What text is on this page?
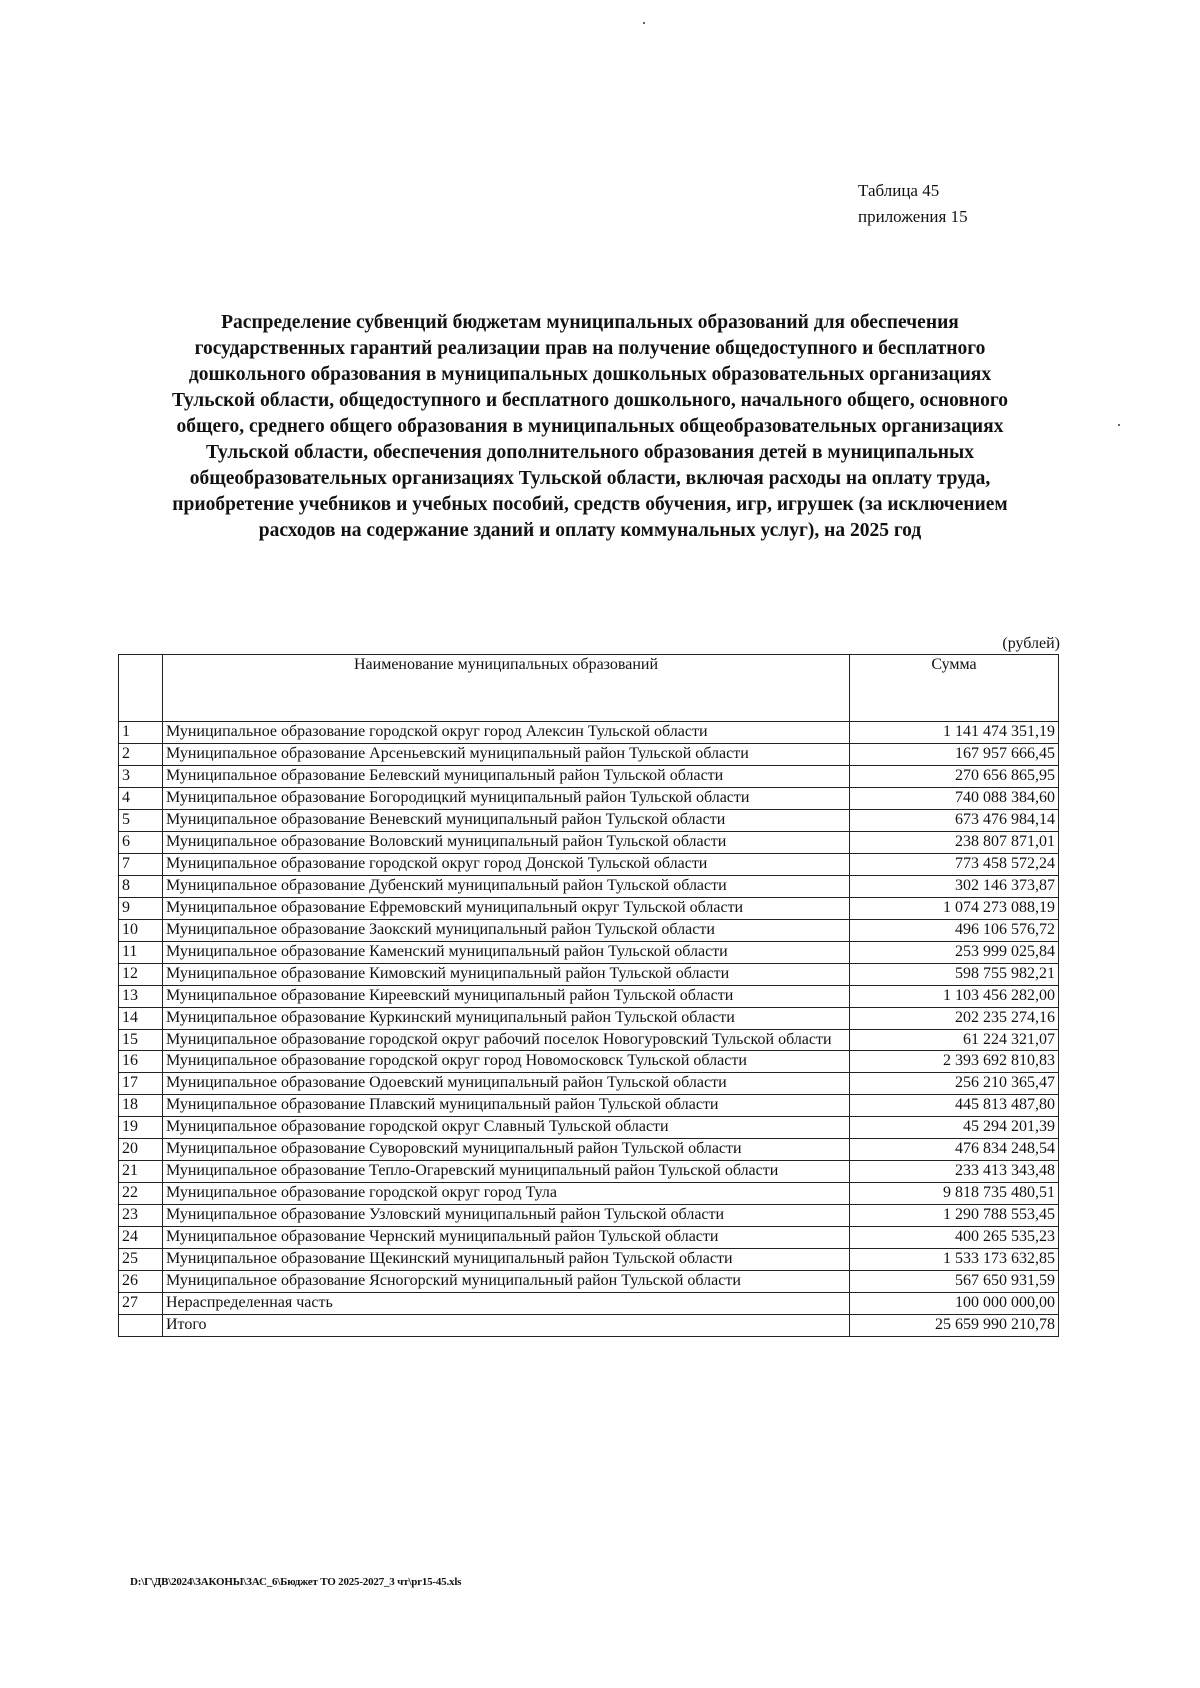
Таблица 45
приложения 15
Распределение субвенций бюджетам муниципальных образований для обеспечения
государственных гарантий реализации прав на получение общедоступного и бесплатного
дошкольного образования в муниципальных дошкольных образовательных организациях
Тульской области, общедоступного и бесплатного дошкольного, начального общего, основного
общего, среднего общего образования в муниципальных общеобразовательных организациях
Тульской области, обеспечения дополнительного образования детей в муниципальных
общеобразовательных организациях Тульской области, включая расходы на оплату труда,
приобретение учебников и учебных пособий, средств обучения, игр, игрушек (за исключением
расходов на содержание зданий и оплату коммунальных услуг), на 2025 год
(рублей)
	Наименование муниципальных образований	Сумма
1	Муниципальное образование городской округ город Алексин Тульской области	1 141 474 351,19
2	Муниципальное образование Арсеньевский муниципальный район Тульской области	167 957 666,45
3	Муниципальное образование Белевский муниципальный район Тульской области	270 656 865,95
4	Муниципальное образование Богородицкий муниципальный район Тульской области	740 088 384,60
5	Муниципальное образование Веневский муниципальный район Тульской области	673 476 984,14
6	Муниципальное образование Воловский муниципальный район Тульской области	238 807 871,01
7	Муниципальное образование городской округ город Донской Тульской области	773 458 572,24
8	Муниципальное образование Дубенский муниципальный район Тульской области	302 146 373,87
9	Муниципальное образование Ефремовский муниципальный округ Тульской области	1 074 273 088,19
10	Муниципальное образование Заокский муниципальный район Тульской области	496 106 576,72
11	Муниципальное образование Каменский муниципальный район Тульской области	253 999 025,84
12	Муниципальное образование Кимовский муниципальный район Тульской области	598 755 982,21
13	Муниципальное образование Киреевский муниципальный район Тульской области	1 103 456 282,00
14	Муниципальное образование Куркинский муниципальный район Тульской области	202 235 274,16
15	Муниципальное образование городской округ рабочий поселок Новогуровский Тульской области	61 224 321,07
16	Муниципальное образование городской округ город Новомосковск Тульской области	2 393 692 810,83
17	Муниципальное образование Одоевский муниципальный район Тульской области	256 210 365,47
18	Муниципальное образование Плавский муниципальный район Тульской области	445 813 487,80
19	Муниципальное образование городской округ Славный Тульской области	45 294 201,39
20	Муниципальное образование Суворовский муниципальный район Тульской области	476 834 248,54
21	Муниципальное образование Тепло-Огаревский муниципальный район Тульской области	233 413 343,48
22	Муниципальное образование городской округ город Тула	9 818 735 480,51
23	Муниципальное образование Узловский муниципальный район Тульской области	1 290 788 553,45
24	Муниципальное образование Чернский муниципальный район Тульской области	400 265 535,23
25	Муниципальное образование Щекинский муниципальный район Тульской области	1 533 173 632,85
26	Муниципальное образование Ясногорский муниципальный район Тульской области	567 650 931,59
27	Нераспределенная часть	100 000 000,00
	Итого	25 659 990 210,78
D:\Г\ДВ\2024\ЗАКОНЫ\ЗАС_6\Бюджет ТО 2025-2027_3 чт\pr15-45.xls
